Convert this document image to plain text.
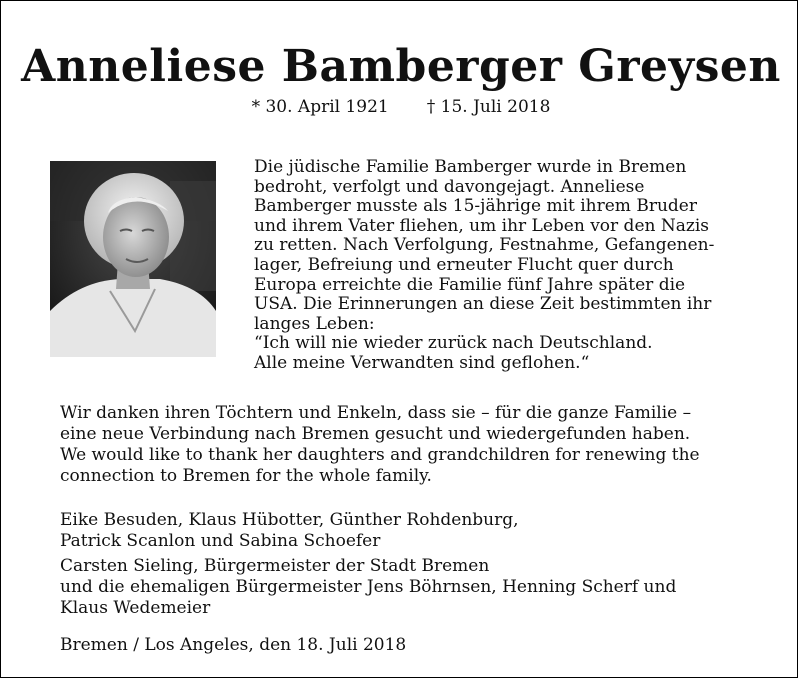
Anneliese Bamberger Greysen
* 30. April 1921 † 15. Juli 2018

Die jüdische Familie Bamberger wurde in Bremen

bedroht, verfolgt und davongejagt. Anneliese

Bamberger musste als 15-jährige mit ihrem Bruder

und ihrem Vater fliehen, um ihr Leben vor den Nazis

zu retten. Nach Verfolgung, Festnahme, Gefangenen-

lager, Befreiung und erneuter Flucht quer durch

Europa erreichte die Familie fünf Jahre später die

USA. Die Erinnerungen an diese Zeit bestimmten ihr

langes Leben:

“Ich will nie wieder zurück nach Deutschland.

Alle meine Verwandten sind geflohen.“

Wir danken ihren Töchtern und Enkeln, dass sie – für die ganze Familie –
eine neue Verbindung nach Bremen gesucht und wiedergefunden haben.
We would like to thank her daughters and grandchildren for renewing the
connection to Bremen for the whole family.
Eike Besuden, Klaus Hübotter, Günther Rohdenburg,
Patrick Scanlon und Sabina Schoefer
Carsten Sieling, Bürgermeister der Stadt Bremen
und die ehemaligen Bürgermeister Jens Böhrnsen, Henning Scherf und
Klaus Wedemeier
Bremen / Los Angeles, den 18. Juli 2018
